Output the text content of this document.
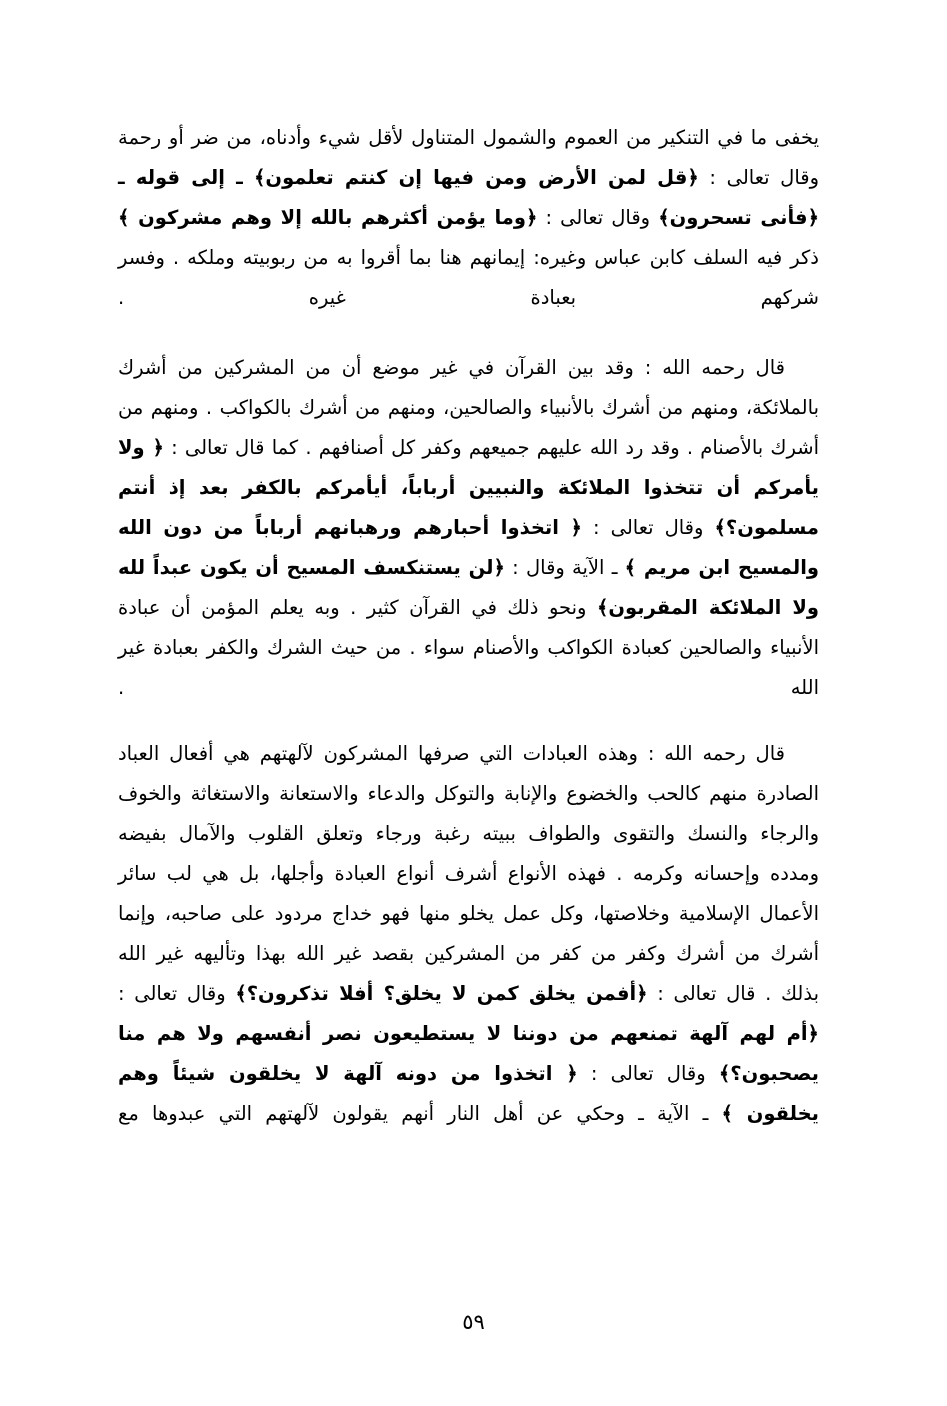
يخفى ما في التنكير من العموم والشمول المتناول لأقل شيء وأدناه، من ضر أو رحمة وقال تعالى : ﴿قل لمن الأرض ومن فيها إن كنتم تعلمون﴾ ـ إلى قوله ـ ﴿فأنى تسحرون﴾ وقال تعالى : ﴿وما يؤمن أكثرهم بالله إلا وهم مشركون ﴾ ذكر فيه السلف كابن عباس وغيره: إيمانهم هنا بما أقروا به من ربوبيته وملكه . وفسر شركهم بعبادة غيره .

قال رحمه الله : وقد بين القرآن في غير موضع أن من المشركين من أشرك بالملائكة، ومنهم من أشرك بالأنبياء والصالحين، ومنهم من أشرك بالكواكب . ومنهم من أشرك بالأصنام . وقد رد الله عليهم جميعهم وكفر كل أصنافهم . كما قال تعالى : ﴿ ولا يأمركم أن تتخذوا الملائكة والنبيين أرباباً، أيأمركم بالكفر بعد إذ أنتم مسلمون؟﴾ وقال تعالى : ﴿ اتخذوا أحبارهم ورهبانهم أرباباً من دون الله والمسيح ابن مريم ﴾ ـ الآية وقال : ﴿لن يستنكسف المسيح أن يكون عبداً لله ولا الملائكة المقربون﴾ ونحو ذلك في القرآن كثير . وبه يعلم المؤمن أن عبادة الأنبياء والصالحين كعبادة الكواكب والأصنام سواء . من حيث الشرك والكفر بعبادة غير الله .

قال رحمه الله : وهذه العبادات التي صرفها المشركون لآلهتهم هي أفعال العباد الصادرة منهم كالحب والخضوع والإنابة والتوكل والدعاء والاستعانة والاستغاثة والخوف والرجاء والنسك والتقوى والطواف ببيته رغبة ورجاء وتعلق القلوب والآمال بفيضه ومدده وإحسانه وكرمه . فهذه الأنواع أشرف أنواع العبادة وأجلها، بل هي لب سائر الأعمال الإسلامية وخلاصتها، وكل عمل يخلو منها فهو خداج مردود على صاحبه، وإنما أشرك من أشرك وكفر من كفر من المشركين بقصد غير الله بهذا وتأليهه غير الله بذلك . قال تعالى : ﴿أفمن يخلق كمن لا يخلق؟ أفلا تذكرون؟﴾ وقال تعالى : ﴿أم لهم آلهة تمنعهم من دوننا لا يستطيعون نصر أنفسهم ولا هم منا يصحبون؟﴾ وقال تعالى : ﴿ اتخذوا من دونه آلهة لا يخلقون شيئاً وهم يخلقون ﴾ ـ الآية ـ وحكي عن أهل النار أنهم يقولون لآلهتهم التي عبدوها مع

٥٩
